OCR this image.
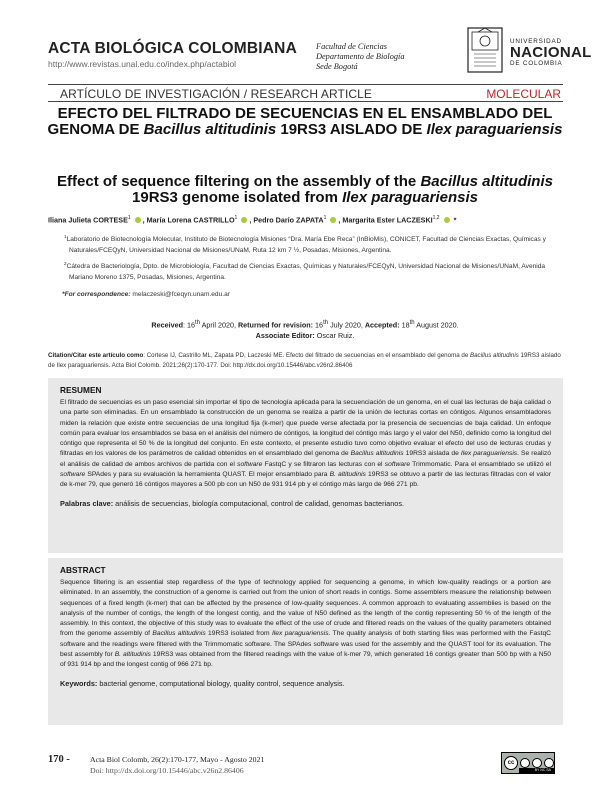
ACTA BIOLÓGICA COLOMBIANA
http://www.revistas.unal.edu.co/index.php/actabiol
Facultad de Ciencias
Departamento de Biología
Sede Bogotá
UNIVERSIDAD
NACIONAL
DE COLOMBIA
ARTÍCULO DE INVESTIGACIÓN / RESEARCH ARTICLE	MOLECULAR
EFECTO DEL FILTRADO DE SECUENCIAS EN EL ENSAMBLADO DEL GENOMA DE Bacillus altitudinis 19RS3 AISLADO DE Ilex paraguariensis
Effect of sequence filtering on the assembly of the Bacillus altitudinis 19RS3 genome isolated from Ilex paraguariensis
Iliana Julieta CORTESE$^1$ , María Lorena CASTRILLO$^1$ , Pedro Darío ZAPATA$^1$ , Margarita Ester LACZESKI$^{1,2}$ *
$^1$Laboratorio de Biotecnología Molecular, Instituto de Biotecnología Misiones “Dra. María Ebe Reca” (InBioMis), CONICET, Facultad de Ciencias Exactas, Químicas y Naturales/FCEQyN, Universidad Nacional de Misiones/UNaM, Ruta 12 km 7 ½, Posadas, Misiones, Argentina.
$^2$Cátedra de Bacteriología, Dpto. de Microbiología, Facultad de Ciencias Exactas, Químicas y Naturales/FCEQyN, Universidad Nacional de Misiones/UNaM, Avenida Mariano Moreno 1375, Posadas, Misiones, Argentina.
*For correspondence: melaczeski@fceqyn.unam.edu.ar
Received: 16th April 2020, Returned for revision: 16th July 2020, Accepted: 18th August 2020.
Associate Editor: Oscar Ruiz.
Citation/Citar este artículo como: Cortese IJ, Castrillo ML, Zapata PD, Laczeski ME. Efecto del filtrado de secuencias en el ensamblado del genoma de Bacillus altitudinis 19RS3 aislado de Ilex paraguariensis. Acta Biol Colomb. 2021;26(2):170-177. Doi: http://dx.doi.org/10.15446/abc.v26n2.86406
RESUMEN

El filtrado de secuencias es un paso esencial sin importar el tipo de tecnología aplicada para la secuenciación de un genoma, en el cual las lecturas de baja calidad o una parte son eliminadas. En un ensamblado la construcción de un genoma se realiza a partir de la unión de lecturas cortas en cóntigos. Algunos ensambladores miden la relación que existe entre secuencias de una longitud fija (k-mer) que puede verse afectada por la presencia de secuencias de baja calidad. Un enfoque común para evaluar los ensamblados se basa en el análisis del número de cóntigos, la longitud del cóntigo más largo y el valor del N50, definido como la longitud del cóntigo que representa el 50 % de la longitud del conjunto. En este contexto, el presente estudio tuvo como objetivo evaluar el efecto del uso de lecturas crudas y filtradas en los valores de los parámetros de calidad obtenidos en el ensamblado del genoma de Bacillus altitudinis 19RS3 aislada de Ilex paraguariensis. Se realizó el análisis de calidad de ambos archivos de partida con el software FastqC y se filtraron las lecturas con el software Trimmomatic. Para el ensamblado se utilizó el software SPAdes y para su evaluación la herramienta QUAST. El mejor ensamblado para B. altitudinis 19RS3 se obtuvo a partir de las lecturas filtradas con el valor de k-mer 79, que generó 16 cóntigos mayores a 500 pb con un N50 de 931 914 pb y el cóntigo más largo de 966 271 pb.

Palabras clave: análisis de secuencias, biología computacional, control de calidad, genomas bacterianos.
ABSTRACT

Sequence filtering is an essential step regardless of the type of technology applied for sequencing a genome, in which low-quality readings or a portion are eliminated. In an assembly, the construction of a genome is carried out from the union of short reads in contigs. Some assemblers measure the relationship between sequences of a fixed length (k-mer) that can be affected by the presence of low-quality sequences. A common approach to evaluating assemblies is based on the analysis of the number of contigs, the length of the longest contig, and the value of N50 defined as the length of the contig representing 50 % of the length of the assembly. In this context, the objective of this study was to evaluate the effect of the use of crude and filtered reads on the values of the quality parameters obtained from the genome assembly of Bacillus altitudinis 19RS3 isolated from Ilex paraguariensis. The quality analysis of both starting files was performed with the FastqC software and the readings were filtered with the Trimmomatic software. The SPAdes software was used for the assembly and the QUAST tool for its evaluation. The best assembly for B. altitudinis 19RS3 was obtained from the filtered readings with the value of k-mer 79, which generated 16 contigs greater than 500 bp with a N50 of 931 914 bp and the longest contig of 966 271 bp.

Keywords: bacterial genome, computational biology, quality control, sequence analysis.
170 -	Acta Biol Colomb, 26(2):170-177, Mayo - Agosto 2021
Doi: http://dx.doi.org/10.15446/abc.v26n2.86406
cc
BY NC SA
